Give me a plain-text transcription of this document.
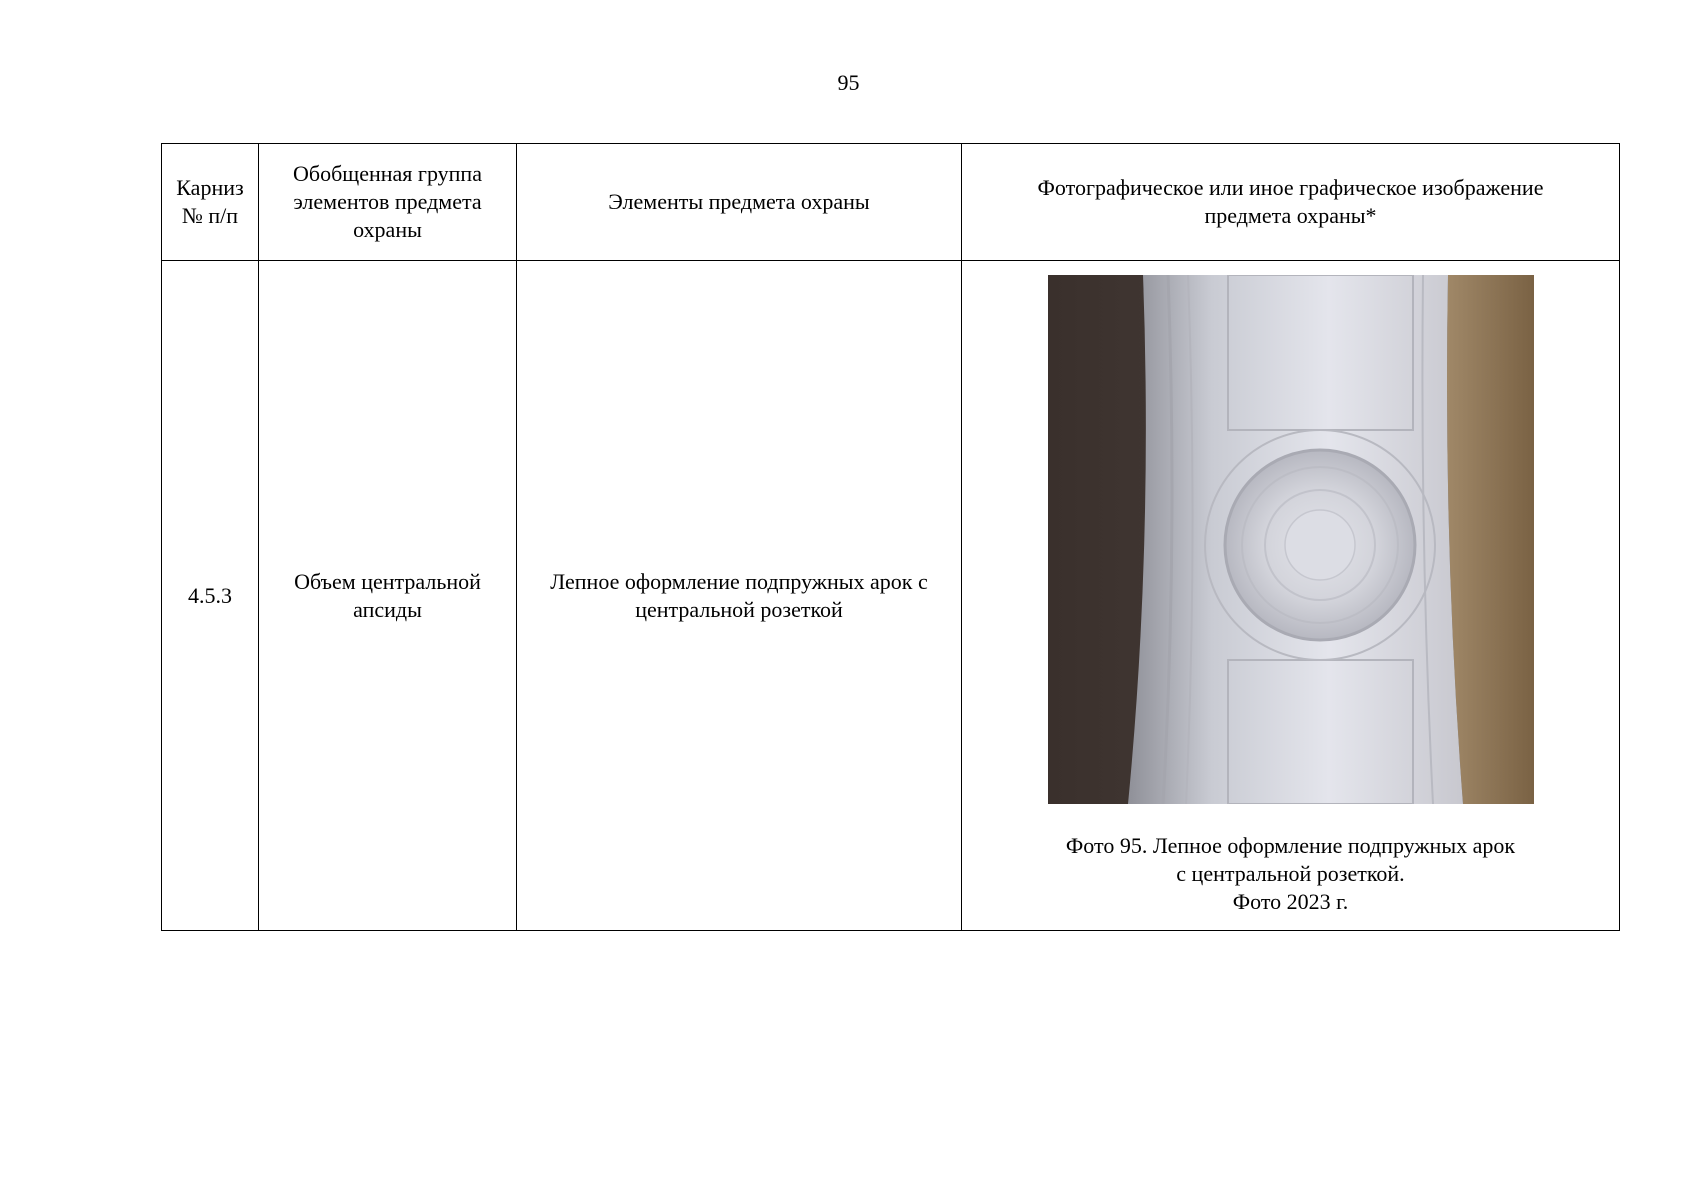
95
Карниз
№ п/п	Обобщенная группа элементов предмета охраны	Элементы предмета охраны	Фотографическое или иное графическое изображение предмета охраны*
4.5.3	Объем центральной апсиды	Лепное оформление подпружных арок с центральной розеткой	Фото 95. Лепное оформление подпружных арок
с центральной розеткой.
Фото 2023 г.
